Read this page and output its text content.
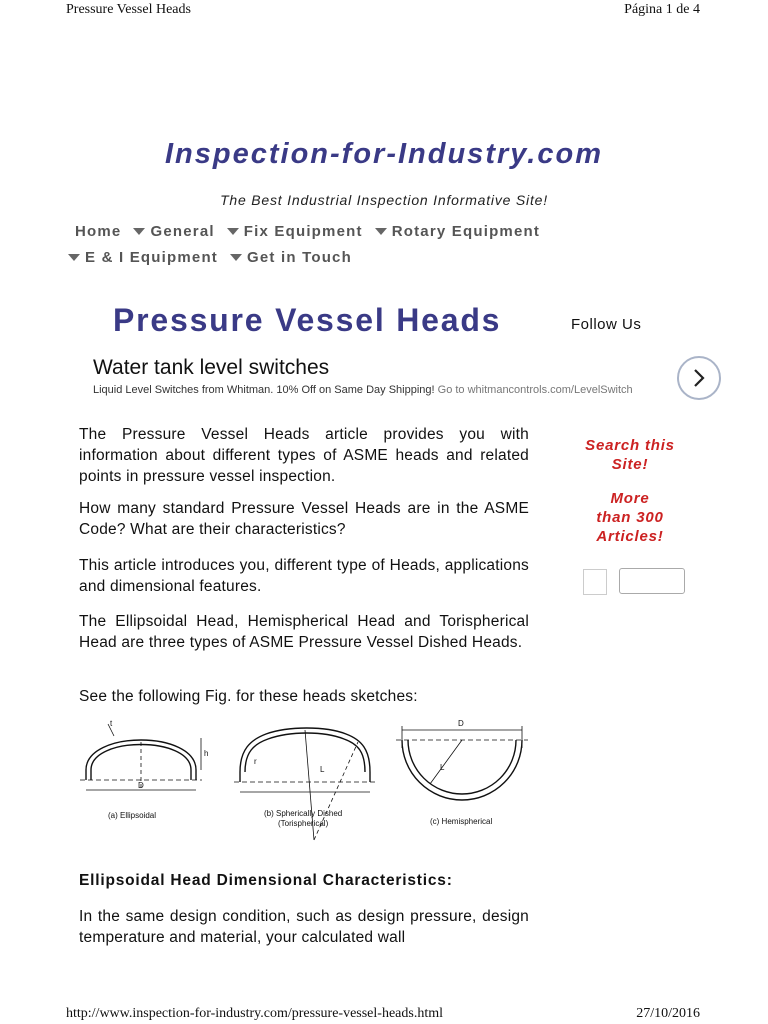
Pressure Vessel Heads	Página 1 de 4
Inspection-for-Industry.com
The Best Industrial Inspection Informative Site!
Home General Fix Equipment Rotary Equipment
E & I Equipment Get in Touch
Pressure Vessel Heads	Follow Us
Water tank level switches
Liquid Level Switches from Whitman. 10% Off on Same Day Shipping! Go to whitmancontrols.com/LevelSwitch

The Pressure Vessel Heads article provides you with information about different types of ASME heads and related points in pressure vessel inspection.

How many standard Pressure Vessel Heads are in the ASME Code? What are their characteristics?

This article introduces you, different type of Heads, applications and dimensional features.

The Ellipsoidal Head, Hemispherical Head and Torispherical Head are three types of ASME Pressure Vessel Dished Heads.

See the following Fig. for these heads sketches:

D
t
h
L
r
D
L
(a) Ellipsoidal	(b) Spherically Dished
(Torispherical)	(c) Hemispherical
Ellipsoidal Head Dimensional Characteristics:

In the same design condition, such as design pressure, design temperature and material, your calculated wall

Search this
Site!
More
than 300
Articles!
http://www.inspection-for-industry.com/pressure-vessel-heads.html	27/10/2016
